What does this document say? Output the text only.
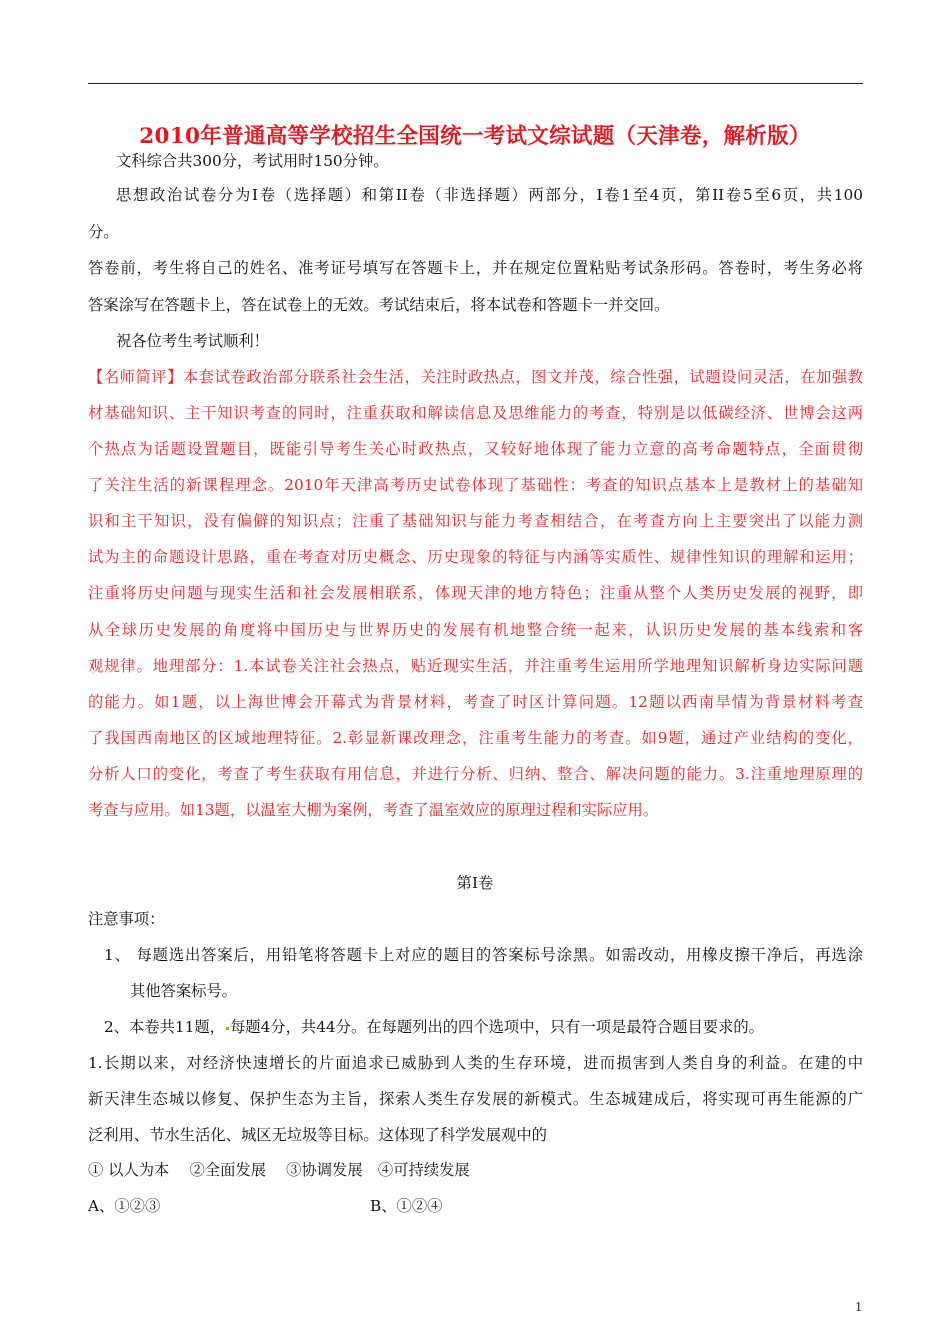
2010年普通高等学校招生全国统一考试文综试题（天津卷，解析版）
文科综合共300分，考试用时150分钟。
思想政治试卷分为I卷（选择题）和第II卷（非选择题）两部分，I卷1至4页，第II卷5至6页，共100
分。
答卷前，考生将自己的姓名、准考证号填写在答题卡上，并在规定位置粘贴考试条形码。答卷时，考生务必将
答案涂写在答题卡上，答在试卷上的无效。考试结束后，将本试卷和答题卡一并交回。
祝各位考生考试顺利！
【名师简评】本套试卷政治部分联系社会生活，关注时政热点，图文并茂，综合性强，试题设问灵活，在加强教
材基础知识、主干知识考查的同时，注重获取和解读信息及思维能力的考查，特别是以低碳经济、世博会这两
个热点为话题设置题目，既能引导考生关心时政热点，又较好地体现了能力立意的高考命题特点，全面贯彻
了关注生活的新课程理念。2010年天津高考历史试卷体现了基础性：考查的知识点基本上是教材上的基础知
识和主干知识，没有偏僻的知识点；注重了基础知识与能力考查相结合，在考查方向上主要突出了以能力测
试为主的命题设计思路，重在考查对历史概念、历史现象的特征与内涵等实质性、规律性知识的理解和运用；
注重将历史问题与现实生活和社会发展相联系，体现天津的地方特色；注重从整个人类历史发展的视野，即
从全球历史发展的角度将中国历史与世界历史的发展有机地整合统一起来，认识历史发展的基本线索和客
观规律。地理部分：1.本试卷关注社会热点，贴近现实生活，并注重考生运用所学地理知识解析身边实际问题
的能力。如1题，以上海世博会开幕式为背景材料，考查了时区计算问题。12题以西南旱情为背景材料考查
了我国西南地区的区域地理特征。2.彰显新课改理念，注重考生能力的考查。如9题，通过产业结构的变化，
分析人口的变化，考查了考生获取有用信息，并进行分析、归纳、整合、解决问题的能力。3.注重地理原理的
考查与应用。如13题，以温室大棚为案例，考查了温室效应的原理过程和实际应用。
第I卷
注意事项：
1、 每题选出答案后，用铅笔将答题卡上对应的题目的答案标号涂黑。如需改动，用橡皮擦干净后，再选涂
其他答案标号。
2、本卷共11题， 每题4分，共44分。在每题列出的四个选项中，只有一项是最符合题目要求的。
1.长期以来，对经济快速增长的片面追求已威胁到人类的生存环境，进而损害到人类自身的利益。在建的中
新天津生态城以修复、保护生态为主旨，探索人类生存发展的新模式。生态城建成后，将实现可再生能源的广
泛利用、节水生活化、城区无垃圾等目标。这体现了科学发展观中的
① 以人为本　 ②全面发展　 ③协调发展　④可持续发展
A、①②③	B、①②④
1
